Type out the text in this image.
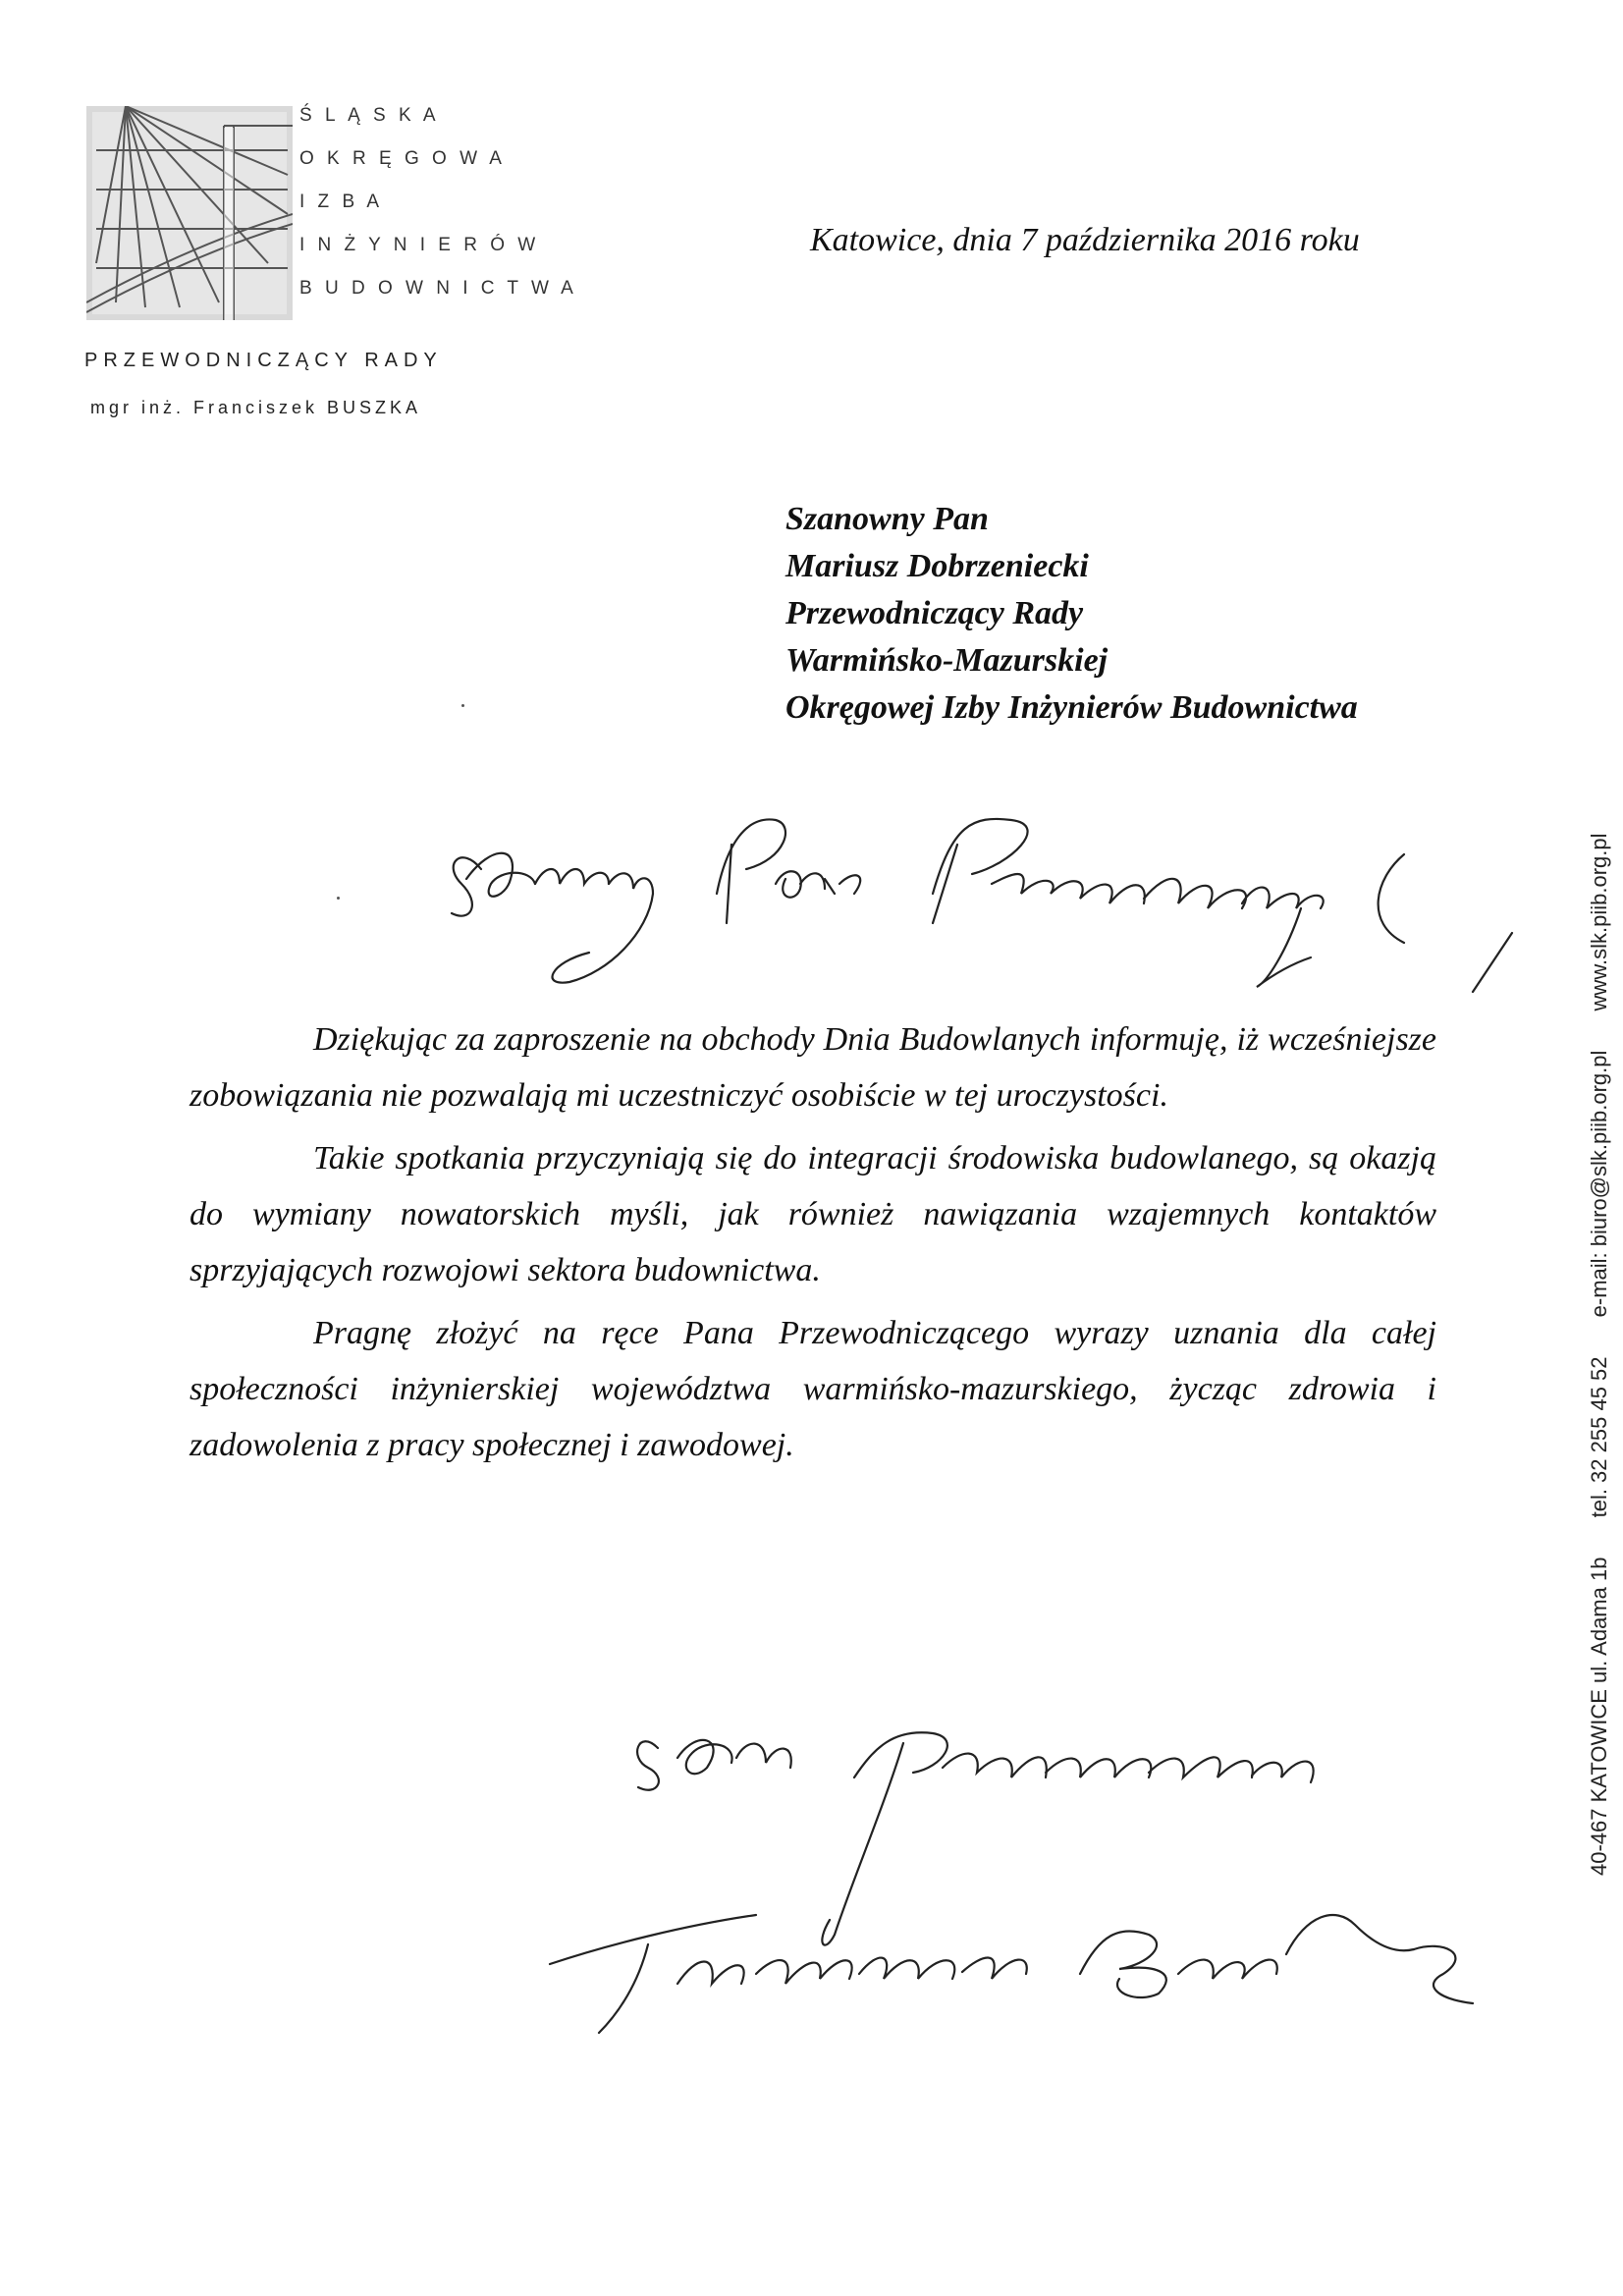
Ś L Ą S K A
O K R Ę G O W A
I Z B A
I N Ż Y N I E R Ó W
B U D O W N I C T W A
PRZEWODNICZĄCY RADY
mgr inż. Franciszek BUSZKA
Katowice, dnia 7 października 2016 roku
Szanowny Pan
Mariusz Dobrzeniecki
Przewodniczący Rady
Warmińsko-Mazurskiej
Okręgowej Izby Inżynierów Budownictwa

Dziękując za zaproszenie na obchody Dnia Budowlanych informuję, iż wcześniejsze zobowiązania nie pozwalają mi uczestniczyć osobiście w tej uroczystości.

Takie spotkania przyczyniają się do integracji środowiska budowlanego, są okazją do wymiany nowatorskich myśli, jak również nawiązania wzajemnych kontaktów sprzyjających rozwojowi sektora budownictwa.

Pragnę złożyć na ręce Pana Przewodniczącego wyrazy uznania dla całej społeczności inżynierskiej województwa warmińsko-mazurskiego, życząc zdrowia i zadowolenia z pracy społecznej i zawodowej.

40-467 KATOWICE ul. Adama 1b tel. 32 255 45 52 e-mail: biuro@slk.piib.org.pl www.slk.piib.org.pl
